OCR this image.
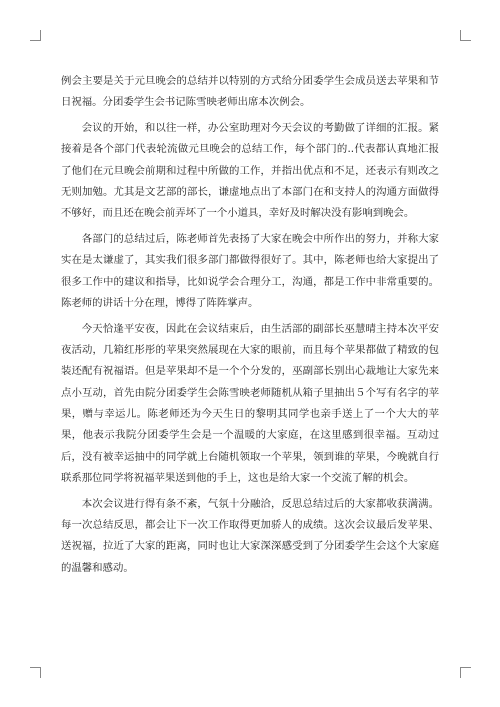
例会主要是关于元旦晚会的总结并以特别的方式给分团委学生会成员送去苹果和节日祝福。分团委学生会书记陈雪映老师出席本次例会。

会议的开始，和以往一样，办公室助理对今天会议的考勤做了详细的汇报。紧接着是各个部门代表轮流做元旦晚会的总结工作，每个部门的..代表都认真地汇报了他们在元旦晚会前期和过程中所做的工作，并指出优点和不足，还表示有则改之无则加勉。尤其是文艺部的部长，谦虚地点出了本部门在和支持人的沟通方面做得不够好，而且还在晚会前弄坏了一个小道具，幸好及时解决没有影响到晚会。

各部门的总结过后，陈老师首先表扬了大家在晚会中所作出的努力，并称大家实在是太谦虚了，其实我们很多部门都做得很好了。其中，陈老师也给大家提出了很多工作中的建议和指导，比如说学会合理分工，沟通，都是工作中非常重要的。陈老师的讲话十分在理，博得了阵阵掌声。

今天恰逢平安夜，因此在会议结束后，由生活部的副部长巫慧晴主持本次平安夜活动，几箱红彤彤的苹果突然展现在大家的眼前，而且每个苹果都做了精致的包装还配有祝福语。但是苹果却不是一个个分发的，巫副部长别出心裁地让大家先来点小互动，首先由院分团委学生会陈雪映老师随机从箱子里抽出５个写有名字的苹果，赠与幸运儿。陈老师还为今天生日的黎明其同学也亲手送上了一个大大的苹果，他表示我院分团委学生会是一个温暖的大家庭，在这里感到很幸福。互动过后，没有被幸运抽中的同学就上台随机领取一个苹果，领到谁的苹果，今晚就自行联系那位同学将祝福苹果送到他的手上，这也是给大家一个交流了解的机会。

本次会议进行得有条不紊，气氛十分融洽，反思总结过后的大家都收获满满。每一次总结反思，都会让下一次工作取得更加骄人的成绩。这次会议最后发苹果、送祝福，拉近了大家的距离，同时也让大家深深感受到了分团委学生会这个大家庭的温馨和感动。
